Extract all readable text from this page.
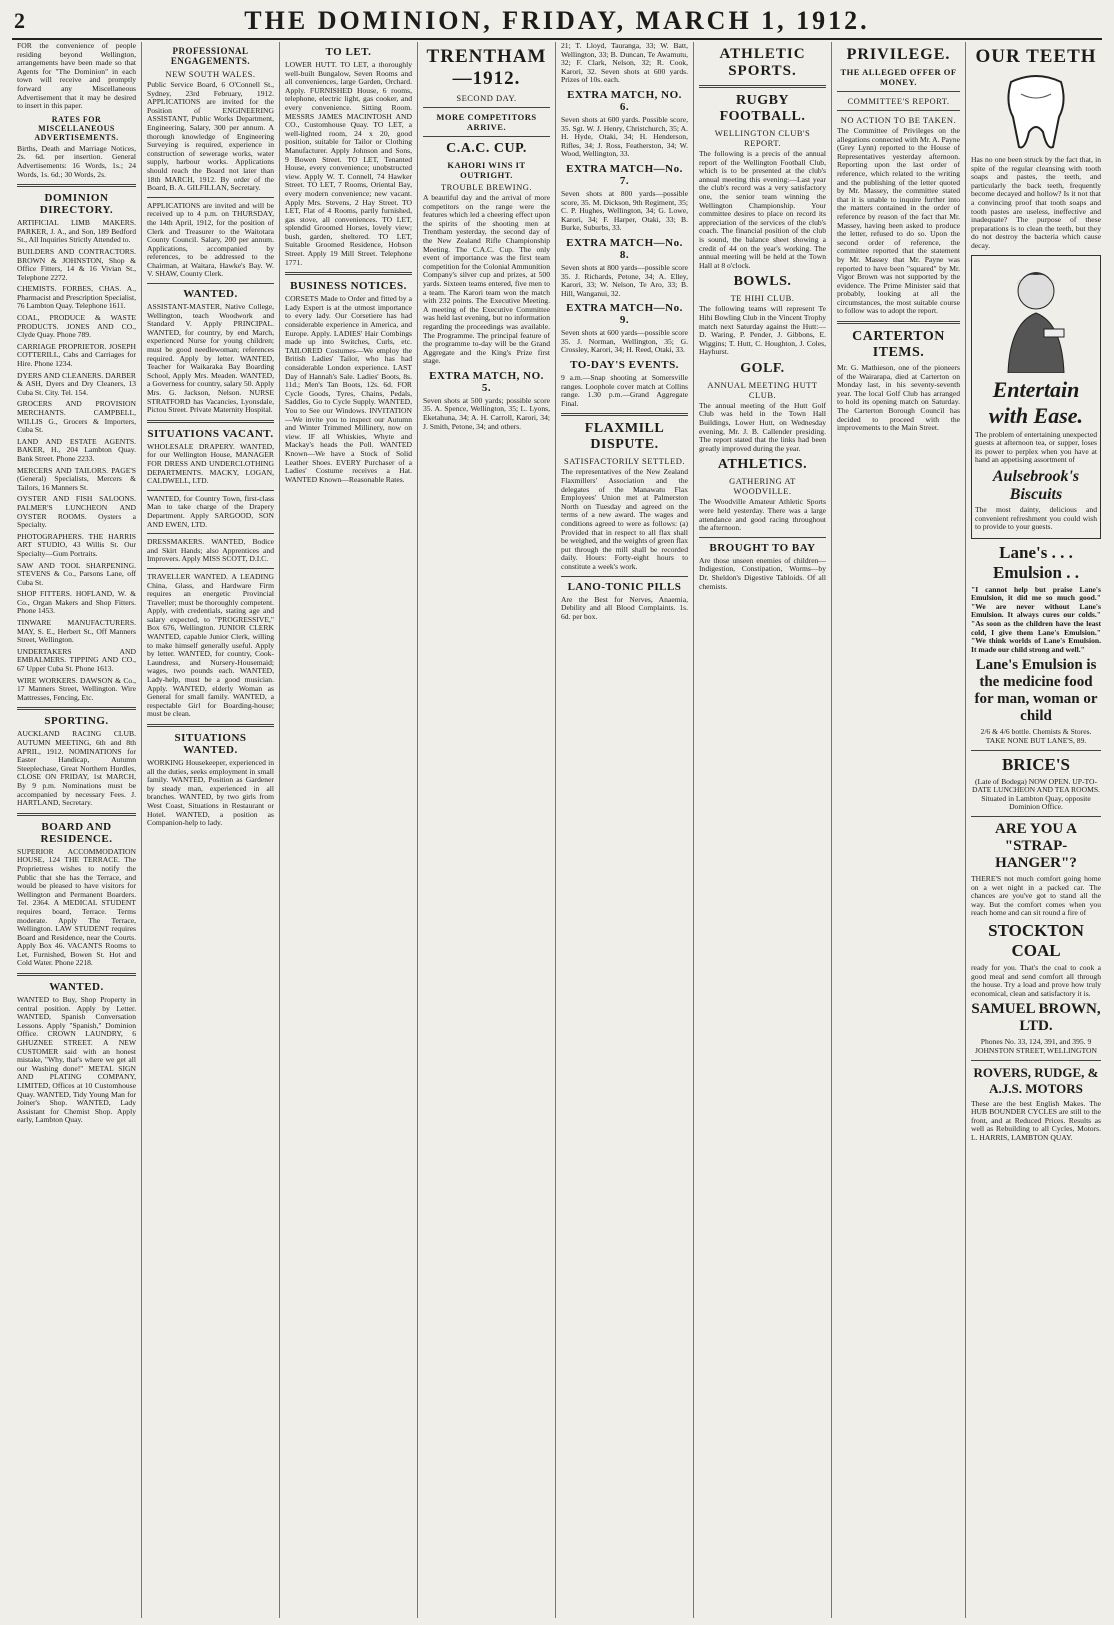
2	THE DOMINION, FRIDAY, MARCH 1, 1912.

FOR the convenience of people residing beyond Wellington, arrangements have been made so that Agents for "The Dominion" in each town will receive and promptly forward any Miscellaneous Advertisement that it may be desired to insert in this paper.

RATES FOR MISCELLANEOUS ADVERTISEMENTS.

Births, Death and Marriage Notices, 2s. 6d. per insertion. General Advertisements: 16 Words, 1s.; 24 Words, 1s. 6d.; 30 Words, 2s.

DOMINION DIRECTORY.

ARTIFICIAL LIMB MAKERS. PARKER, J. A., and Son, 189 Bedford St., All Inquiries Strictly Attended to.

BUILDERS AND CONTRACTORS. BROWN & JOHNSTON, Shop & Office Fitters, 14 & 16 Vivian St., Telephone 2272.

CHEMISTS. FORBES, CHAS. A., Pharmacist and Prescription Specialist, 76 Lambton Quay. Telephone 1611.

COAL, PRODUCE & WASTE PRODUCTS. JONES AND CO., Clyde Quay. Phone 789.

CARRIAGE PROPRIETOR. JOSEPH COTTERILL, Cabs and Carriages for Hire. Phone 1234.

DYERS AND CLEANERS. DARBER & ASH, Dyers and Dry Cleaners, 13 Cuba St. City. Tel. 154.

GROCERS AND PROVISION MERCHANTS. CAMPBELL, WILLIS G., Grocers & Importers, Cuba St.

LAND AND ESTATE AGENTS. BAKER, H., 204 Lambton Quay. Bank Street. Phone 2233.

MERCERS AND TAILORS. PAGE'S (General) Specialists, Mercers & Tailors, 16 Manners St.

OYSTER AND FISH SALOONS. PALMER'S LUNCHEON AND OYSTER ROOMS. Oysters a Specialty.

PHOTOGRAPHERS. THE HARRIS ART STUDIO, 43 Willis St. Our Specialty—Gum Portraits.

SAW AND TOOL SHARPENING. STEVENS & Co., Parsons Lane, off Cuba St.

SHOP FITTERS. HOFLAND, W. & Co., Organ Makers and Shop Fitters. Phone 1453.

TINWARE MANUFACTURERS. MAY, S. E., Herbert St., Off Manners Street, Wellington.

UNDERTAKERS AND EMBALMERS. TIPPING AND CO., 67 Upper Cuba St. Phone 1613.

WIRE WORKERS. DAWSON & Co., 17 Manners Street, Wellington. Wire Mattresses, Fencing, Etc.

SPORTING.

AUCKLAND RACING CLUB. AUTUMN MEETING, 6th and 8th APRIL, 1912. NOMINATIONS for Easter Handicap, Autumn Steeplechase, Great Northern Hurdles, CLOSE ON FRIDAY, 1st MARCH, By 9 p.m. Nominations must be accompanied by necessary Fees. J. HARTLAND, Secretary.

BOARD AND RESIDENCE.

SUPERIOR ACCOMMODATION HOUSE, 124 THE TERRACE. The Proprietress wishes to notify the Public that she has the Terrace, and would be pleased to have visitors for Wellington and Permanent Boarders. Tel. 2364. A MEDICAL STUDENT requires board, Terrace. Terms moderate. Apply The Terrace, Wellington. LAW STUDENT requires Board and Residence, near the Courts. Apply Box 46. VACANTS Rooms to Let, Furnished, Bowen St. Hot and Cold Water. Phone 2218.

WANTED.

WANTED to Buy, Shop Property in central position. Apply by Letter. WANTED, Spanish Conversation Lessons. Apply "Spanish," Dominion Office. CROWN LAUNDRY, 6 GHUZNEE STREET. A NEW CUSTOMER said with an honest mistake, "Why, that's where we get all our Washing done!" METAL SIGN AND PLATING COMPANY, LIMITED, Offices at 10 Customhouse Quay. WANTED, Tidy Young Man for Joiner's Shop. WANTED, Lady Assistant for Chemist Shop. Apply early, Lambton Quay.

PROFESSIONAL ENGAGEMENTS.
NEW SOUTH WALES.

Public Service Board, 6 O'Connell St., Sydney, 23rd February, 1912. APPLICATIONS are invited for the Position of ENGINEERING ASSISTANT, Public Works Department, Engineering, Salary, 300 per annum. A thorough knowledge of Engineering Surveying is required, experience in construction of sewerage works, water supply, harbour works. Applications should reach the Board not later than 18th MARCH, 1912. By order of the Board, B. A. GILFILLAN, Secretary.

APPLICATIONS are invited and will be received up to 4 p.m. on THURSDAY, the 14th April, 1912, for the position of Clerk and Treasurer to the Waitotara County Council. Salary, 200 per annum. Applications, accompanied by references, to be addressed to the Chairman, at Waitara, Hawke's Bay. W. V. SHAW, County Clerk.

WANTED.

ASSISTANT-MASTER, Native College, Wellington, teach Woodwork and Standard V. Apply PRINCIPAL. WANTED, for country, by end March, experienced Nurse for young children; must be good needlewoman; references required. Apply by letter. WANTED, Teacher for Waikaraka Bay Boarding School, Apply Mrs. Meaden. WANTED, a Governess for country, salary 50. Apply Mrs. G. Jackson, Nelson. NURSE STRATFORD has Vacancies, Lyonsdale, Pictou Street. Private Maternity Hospital.

SITUATIONS VACANT.

WHOLESALE DRAPERY. WANTED, for our Wellington House, MANAGER FOR DRESS AND UNDERCLOTHING DEPARTMENTS. MACKY, LOGAN, CALDWELL, LTD.

WANTED, for Country Town, first-class Man to take charge of the Drapery Department. Apply SARGOOD, SON AND EWEN, LTD.

DRESSMAKERS. WANTED, Bodice and Skirt Hands; also Apprentices and Improvers. Apply MISS SCOTT, D.I.C.

TRAVELLER WANTED. A LEADING China, Glass, and Hardware Firm requires an energetic Provincial Traveller; must be thoroughly competent. Apply, with credentials, stating age and salary expected, to "PROGRESSIVE," Box 676, Wellington. JUNIOR CLERK WANTED, capable Junior Clerk, willing to make himself generally useful. Apply by letter. WANTED, for country, Cook-Laundress, and Nursery-Housemaid; wages, two pounds each. WANTED, Lady-help, must be a good musician. Apply. WANTED, elderly Woman as General for small family. WANTED, a respectable Girl for Boarding-house; must be clean.

SITUATIONS WANTED.

WORKING Housekeeper, experienced in all the duties, seeks employment in small family. WANTED, Position as Gardener by steady man, experienced in all branches. WANTED, by two girls from West Coast, Situations in Restaurant or Hotel. WANTED, a position as Companion-help to lady.

TO LET.

LOWER HUTT. TO LET, a thoroughly well-built Bungalow, Seven Rooms and all conveniences, large Garden, Orchard. Apply. FURNISHED House, 6 rooms, telephone, electric light, gas cooker, and every convenience. Sitting Room. MESSRS JAMES MACINTOSH AND CO., Customhouse Quay. TO LET, a well-lighted room, 24 x 20, good position, suitable for Tailor or Clothing Manufacturer. Apply Johnson and Sons, 9 Bowen Street. TO LET, Tenanted House, every convenience; unobstructed view. Apply W. T. Connell, 74 Hawker Street. TO LET, 7 Rooms, Oriental Bay, every modern convenience; new vacant. Apply Mrs. Stevens, 2 Hay Street. TO LET, Flat of 4 Rooms, partly furnished, gas stove, all conveniences. TO LET, splendid Groomed Horses, lovely view; bush, garden, sheltered. TO LET, Suitable Groomed Residence, Hobson Street. Apply 19 Mill Street. Telephone 1771.

BUSINESS NOTICES.

CORSETS Made to Order and fitted by a Lady Expert is at the utmost importance to every lady. Our Corsetiere has had considerable experience in America, and Europe. Apply. LADIES' Hair Combings made up into Switches, Curls, etc. TAILORED Costumes—We employ the British Ladies' Tailor, who has had considerable London experience. LAST Day of Hannah's Sale. Ladies' Boots, 8s. 11d.; Men's Tan Boots, 12s. 6d. FOR Cycle Goods, Tyres, Chains, Pedals, Saddles, Go to Cycle Supply. WANTED, You to See our Windows. INVITATION—We invite you to inspect our Autumn and Winter Trimmed Millinery, now on view. IF all Whiskies, Whyte and Mackay's heads the Poll. WANTED Known—We have a Stock of Solid Leather Shoes. EVERY Purchaser of a Ladies' Costume receives a Hat. WANTED Known—Reasonable Rates.

TRENTHAM—1912.
SECOND DAY.
MORE COMPETITORS ARRIVE.
C.A.C. CUP.
KAHORI WINS IT OUTRIGHT.
TROUBLE BREWING.

A beautiful day and the arrival of more competitors on the range were the features which led a cheering effect upon the spirits of the shooting men at Trentham yesterday, the second day of the New Zealand Rifle Championship Meeting. The C.A.C. Cup. The only event of importance was the first team competition for the Colonial Ammunition Company's silver cup and prizes, at 500 yards. Sixteen teams entered, five men to a team. The Karori team won the match with 232 points. The Executive Meeting. A meeting of the Executive Committee was held last evening, but no information regarding the proceedings was available. The Programme. The principal feature of the programme to-day will be the Grand Aggregate and the King's Prize first stage.

EXTRA MATCH, NO. 5.

Seven shots at 500 yards; possible score 35. A. Spence, Wellington, 35; L. Lyons, Eketahuna, 34; A. H. Carroll, Karori, 34; J. Smith, Petone, 34; and others.

21; T. Lloyd, Tauranga, 33; W. Batt, Wellington, 33; B. Duncan, Te Awamutu, 32; F. Clark, Nelson, 32; R. Cook, Karori, 32. Seven shots at 600 yards. Prizes of 10s. each.

EXTRA MATCH, NO. 6.

Seven shots at 600 yards. Possible score, 35. Sgt. W. J. Henry, Christchurch, 35; A. H. Hyde, Otaki, 34; H. Henderson, Rifles, 34; J. Ross, Featherston, 34; W. Wood, Wellington, 33.

EXTRA MATCH—No. 7.

Seven shots at 800 yards—possible score, 35. M. Dickson, 9th Regiment, 35; C. P. Hughes, Wellington, 34; G. Lowe, Karori, 34; F. Harper, Otaki, 33; B. Burke, Suburbs, 33.

EXTRA MATCH—No. 8.

Seven shots at 800 yards—possible score 35. J. Richards, Petone, 34; A. Elley, Karori, 33; W. Nelson, Te Aro, 33; B. Hill, Wanganui, 32.

EXTRA MATCH—No. 9.

Seven shots at 600 yards—possible score 35. J. Norman, Wellington, 35; G. Crossley, Karori, 34; H. Reed, Otaki, 33.

TO-DAY'S EVENTS.

9 a.m.—Snap shooting at Somersville ranges. Loophole cover match at Collins range. 1.30 p.m.—Grand Aggregate Final.

FLAXMILL DISPUTE.
SATISFACTORILY SETTLED.

The representatives of the New Zealand Flaxmillers' Association and the delegates of the Manawatu Flax Employees' Union met at Palmerston North on Tuesday and agreed on the terms of a new award. The wages and conditions agreed to were as follows: (a) Provided that in respect to all flax shall be weighed, and the weights of green flax put through the mill shall be recorded daily. Hours: Forty-eight hours to constitute a week's work.

LANO-TONIC PILLS

Are the Best for Nerves, Anaemia, Debility and all Blood Complaints. 1s. 6d. per box.

ATHLETIC SPORTS.
RUGBY FOOTBALL.
WELLINGTON CLUB'S REPORT.

The following is a precis of the annual report of the Wellington Football Club, which is to be presented at the club's annual meeting this evening:—Last year the club's record was a very satisfactory one, the senior team winning the Wellington Championship. Your committee desires to place on record its appreciation of the services of the club's coach. The financial position of the club is sound, the balance sheet showing a credit of 44 on the year's working. The annual meeting will be held at the Town Hall at 8 o'clock.

BOWLS.
TE HIHI CLUB.

The following teams will represent Te Hihi Bowling Club in the Vincent Trophy match next Saturday against the Hutt:—D. Waring, P. Pender, J. Gibbons, E. Wiggins; T. Hutt, C. Houghton, J. Coles, Hayhurst.

GOLF.
ANNUAL MEETING HUTT CLUB.

The annual meeting of the Hutt Golf Club was held in the Town Hall Buildings, Lower Hutt, on Wednesday evening, Mr. J. B. Callender presiding. The report stated that the links had been greatly improved during the year.

ATHLETICS.
GATHERING AT WOODVILLE.

The Woodville Amateur Athletic Sports were held yesterday. There was a large attendance and good racing throughout the afternoon.

BROUGHT TO BAY

Are those unseen enemies of children—Indigestion, Constipation, Worms—by Dr. Sheldon's Digestive Tabloids. Of all chemists.

PRIVILEGE.
THE ALLEGED OFFER OF MONEY.
COMMITTEE'S REPORT.
NO ACTION TO BE TAKEN.

The Committee of Privileges on the allegations connected with Mr. A. Payne (Grey Lynn) reported to the House of Representatives yesterday afternoon. Reporting upon the last order of reference, which related to the writing and the publishing of the letter quoted by Mr. Massey, the committee stated that it is unable to inquire further into the matters contained in the order of reference by reason of the fact that Mr. Massey, having been asked to produce the letter, refused to do so. Upon the second order of reference, the committee reported that the statement by Mr. Massey that Mr. Payne was reported to have been "squared" by Mr. Vigor Brown was not supported by the evidence. The Prime Minister said that probably, looking at all the circumstances, the most suitable course to follow was to adopt the report.

CARTERTON ITEMS.

Mr. G. Mathieson, one of the pioneers of the Wairarapa, died at Carterton on Monday last, in his seventy-seventh year. The local Golf Club has arranged to hold its opening match on Saturday. The Carterton Borough Council has decided to proceed with the improvements to the Main Street.

OUR TEETH

Has no one been struck by the fact that, in spite of the regular cleansing with tooth soaps and pastes, the teeth, and particularly the back teeth, frequently become decayed and hollow? Is it not that a convincing proof that tooth soaps and tooth pastes are useless, ineffective and inadequate? The purpose of these preparations is to clean the teeth, but they do not destroy the bacteria which cause decay.

Entertain with Ease.

The problem of entertaining unexpected guests at afternoon tea, or supper, loses its power to perplex when you have at hand an appetising assortment of

Aulsebrook's Biscuits

The most dainty, delicious and convenient refreshment you could wish to provide to your guests.

Lane's . . . Emulsion . .

"I cannot help but praise Lane's Emulsion, it did me so much good." "We are never without Lane's Emulsion. It always cures our colds." "As soon as the children have the least cold, I give them Lane's Emulsion." "We think worlds of Lane's Emulsion. It made our child strong and well."

Lane's Emulsion is the medicine food for man, woman or child

2/6 & 4/6 bottle. Chemists & Stores. TAKE NONE BUT LANE'S, 89.

BRICE'S

(Late of Bodega) NOW OPEN. UP-TO-DATE LUNCHEON AND TEA ROOMS. Situated in Lambton Quay, opposite Dominion Office.

ARE YOU A "STRAP-HANGER"?

THERE'S not much comfort going home on a wet night in a packed car. The chances are you've got to stand all the way. But the comfort comes when you reach home and can sit round a fire of

STOCKTON COAL

ready for you. That's the coal to cook a good meal and send comfort all through the house. Try a load and prove how truly economical, clean and satisfactory it is.

SAMUEL BROWN, LTD.

Phones No. 33, 124, 391, and 395. 9 JOHNSTON STREET, WELLINGTON

ROVERS, RUDGE, & A.J.S. MOTORS

These are the best English Makes. The HUB BOUNDER CYCLES are still to the front, and at Reduced Prices. Results as well as Rebuilding to all Cycles, Motors. L. HARRIS, LAMBTON QUAY.
